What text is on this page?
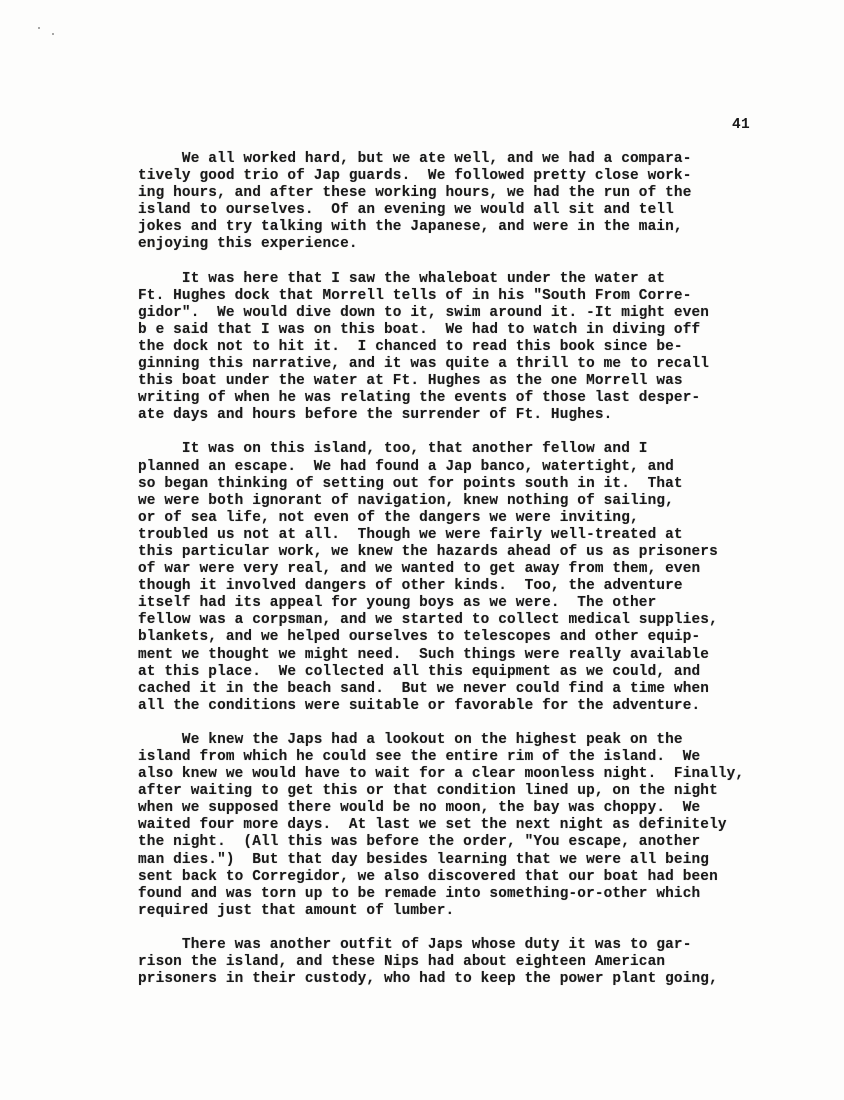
41
We all worked hard, but we ate well, and we had a compara-
tively good trio of Jap guards.  We followed pretty close work-
ing hours, and after these working hours, we had the run of the
island to ourselves.  Of an evening we would all sit and tell
jokes and try talking with the Japanese, and were in the main,
enjoying this experience.
It was here that I saw the whaleboat under the water at
Ft. Hughes dock that Morrell tells of in his "South From Corre-
gidor".  We would dive down to it, swim around it. -It might even
b e said that I was on this boat.  We had to watch in diving off
the dock not to hit it.  I chanced to read this book since be-
ginning this narrative, and it was quite a thrill to me to recall
this boat under the water at Ft. Hughes as the one Morrell was
writing of when he was relating the events of those last desper-
ate days and hours before the surrender of Ft. Hughes.
It was on this island, too, that another fellow and I
planned an escape.  We had found a Jap banco, watertight, and
so began thinking of setting out for points south in it.  That
we were both ignorant of navigation, knew nothing of sailing,
or of sea life, not even of the dangers we were inviting,
troubled us not at all.  Though we were fairly well-treated at
this particular work, we knew the hazards ahead of us as prisoners
of war were very real, and we wanted to get away from them, even
though it involved dangers of other kinds.  Too, the adventure
itself had its appeal for young boys as we were.  The other
fellow was a corpsman, and we started to collect medical supplies,
blankets, and we helped ourselves to telescopes and other equip-
ment we thought we might need.  Such things were really available
at this place.  We collected all this equipment as we could, and
cached it in the beach sand.  But we never could find a time when
all the conditions were suitable or favorable for the adventure.
We knew the Japs had a lookout on the highest peak on the
island from which he could see the entire rim of the island.  We
also knew we would have to wait for a clear moonless night.  Finally,
after waiting to get this or that condition lined up, on the night
when we supposed there would be no moon, the bay was choppy.  We
waited four more days.  At last we set the next night as definitely
the night.  (All this was before the order, "You escape, another
man dies.")  But that day besides learning that we were all being
sent back to Corregidor, we also discovered that our boat had been
found and was torn up to be remade into something-or-other which
required just that amount of lumber.
There was another outfit of Japs whose duty it was to gar-
rison the island, and these Nips had about eighteen American
prisoners in their custody, who had to keep the power plant going,
